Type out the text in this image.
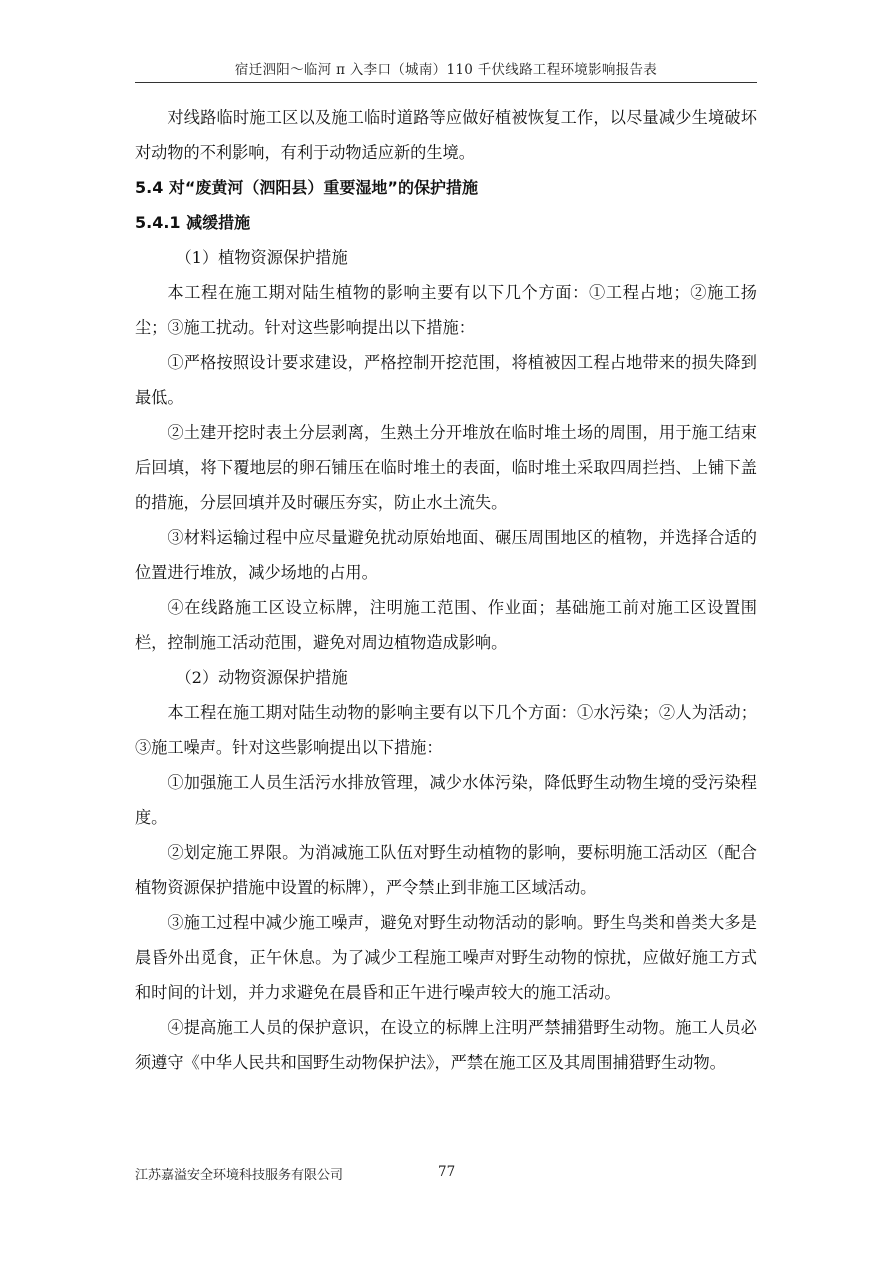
宿迁泗阳～临河 π 入李口（城南）110 千伏线路工程环境影响报告表

对线路临时施工区以及施工临时道路等应做好植被恢复工作，以尽量减少生境破坏对动物的不利影响，有利于动物适应新的生境。

5.4 对“废黄河（泗阳县）重要湿地”的保护措施

5.4.1 减缓措施

（1）植物资源保护措施

本工程在施工期对陆生植物的影响主要有以下几个方面：①工程占地；②施工扬尘；③施工扰动。针对这些影响提出以下措施：

①严格按照设计要求建设，严格控制开挖范围，将植被因工程占地带来的损失降到最低。

②土建开挖时表土分层剥离，生熟土分开堆放在临时堆土场的周围，用于施工结束后回填，将下覆地层的卵石铺压在临时堆土的表面，临时堆土采取四周拦挡、上铺下盖的措施，分层回填并及时碾压夯实，防止水土流失。

③材料运输过程中应尽量避免扰动原始地面、碾压周围地区的植物，并选择合适的位置进行堆放，减少场地的占用。

④在线路施工区设立标牌，注明施工范围、作业面；基础施工前对施工区设置围栏，控制施工活动范围，避免对周边植物造成影响。

（2）动物资源保护措施

本工程在施工期对陆生动物的影响主要有以下几个方面：①水污染；②人为活动；③施工噪声。针对这些影响提出以下措施：

①加强施工人员生活污水排放管理，减少水体污染，降低野生动物生境的受污染程度。

②划定施工界限。为消减施工队伍对野生动植物的影响，要标明施工活动区（配合植物资源保护措施中设置的标牌），严令禁止到非施工区域活动。

③施工过程中减少施工噪声，避免对野生动物活动的影响。野生鸟类和兽类大多是晨昏外出觅食，正午休息。为了减少工程施工噪声对野生动物的惊扰，应做好施工方式和时间的计划，并力求避免在晨昏和正午进行噪声较大的施工活动。

④提高施工人员的保护意识，在设立的标牌上注明严禁捕猎野生动物。施工人员必须遵守《中华人民共和国野生动物保护法》，严禁在施工区及其周围捕猎野生动物。

江苏嘉溢安全环境科技服务有限公司	77
